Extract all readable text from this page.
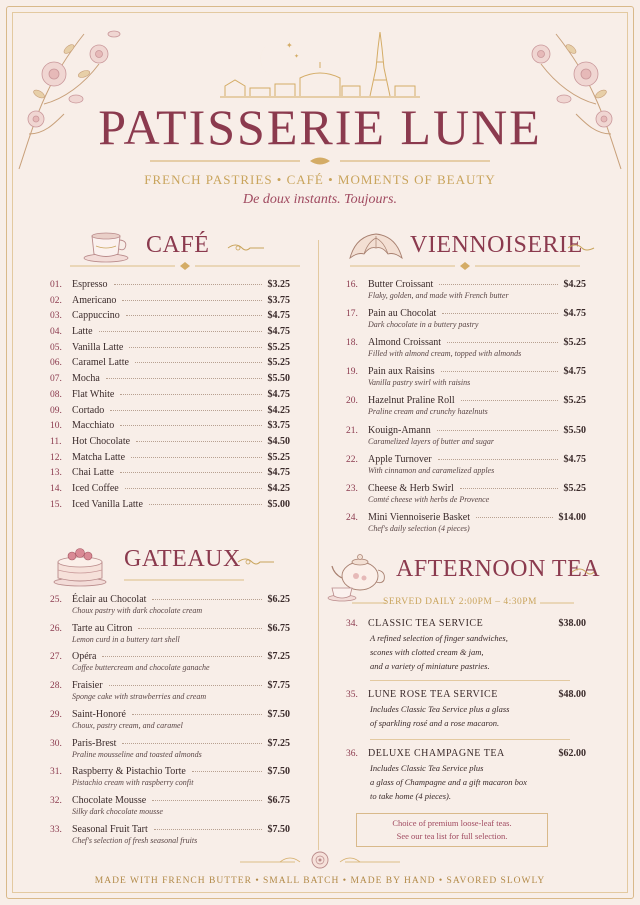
✦
✦
PATISSERIE LUNE
FRENCH PASTRIES • CAFÉ • MOMENTS OF BEAUTY
De doux instants. Toujours.
CAFÉ
01.	Espresso	$3.25
02.	Americano	$3.75
03.	Cappuccino	$4.75
04.	Latte	$4.75
05.	Vanilla Latte	$5.25
06.	Caramel Latte	$5.25
07.	Mocha	$5.50
08.	Flat White	$4.75
09.	Cortado	$4.25
10.	Macchiato	$3.75
11.	Hot Chocolate	$4.50
12.	Matcha Latte	$5.25
13.	Chai Latte	$4.75
14.	Iced Coffee	$4.25
15.	Iced Vanilla Latte	$5.00
GATEAUX
25.	Éclair au Chocolat	$6.25
Choux pastry with dark chocolate cream
26.	Tarte au Citron	$6.75
Lemon curd in a buttery tart shell
27.	Opéra	$7.25
Coffee buttercream and chocolate ganache
28.	Fraisier	$7.75
Sponge cake with strawberries and cream
29.	Saint-Honoré	$7.50
Choux, pastry cream, and caramel
30.	Paris-Brest	$7.25
Praline mousseline and toasted almonds
31.	Raspberry & Pistachio Torte	$7.50
Pistachio cream with raspberry confit
32.	Chocolate Mousse	$6.75
Silky dark chocolate mousse
33.	Seasonal Fruit Tart	$7.50
Chef's selection of fresh seasonal fruits
VIENNOISERIE
16.	Butter Croissant	$4.25
Flaky, golden, and made with French butter
17.	Pain au Chocolat	$4.75
Dark chocolate in a buttery pastry
18.	Almond Croissant	$5.25
Filled with almond cream, topped with almonds
19.	Pain aux Raisins	$4.75
Vanilla pastry swirl with raisins
20.	Hazelnut Praline Roll	$5.25
Praline cream and crunchy hazelnuts
21.	Kouign-Amann	$5.50
Caramelized layers of butter and sugar
22.	Apple Turnover	$4.75
With cinnamon and caramelized apples
23.	Cheese & Herb Swirl	$5.25
Comté cheese with herbs de Provence
24.	Mini Viennoiserie Basket	$14.00
Chef's daily selection (4 pieces)
AFTERNOON TEA
SERVED DAILY 2:00PM – 4:30PM
34.	CLASSIC TEA SERVICE	$38.00
A refined selection of finger sandwiches,
scones with clotted cream & jam,
and a variety of miniature pastries.
35.	LUNE ROSE TEA SERVICE	$48.00
Includes Classic Tea Service plus a glass
of sparkling rosé and a rose macaron.
36.	DELUXE CHAMPAGNE TEA	$62.00
Includes Classic Tea Service plus
a glass of Champagne and a gift macaron box
to take home (4 pieces).
Choice of premium loose-leaf teas.
See our tea list for full selection.
MADE WITH FRENCH BUTTER • SMALL BATCH • MADE BY HAND • SAVORED SLOWLY
